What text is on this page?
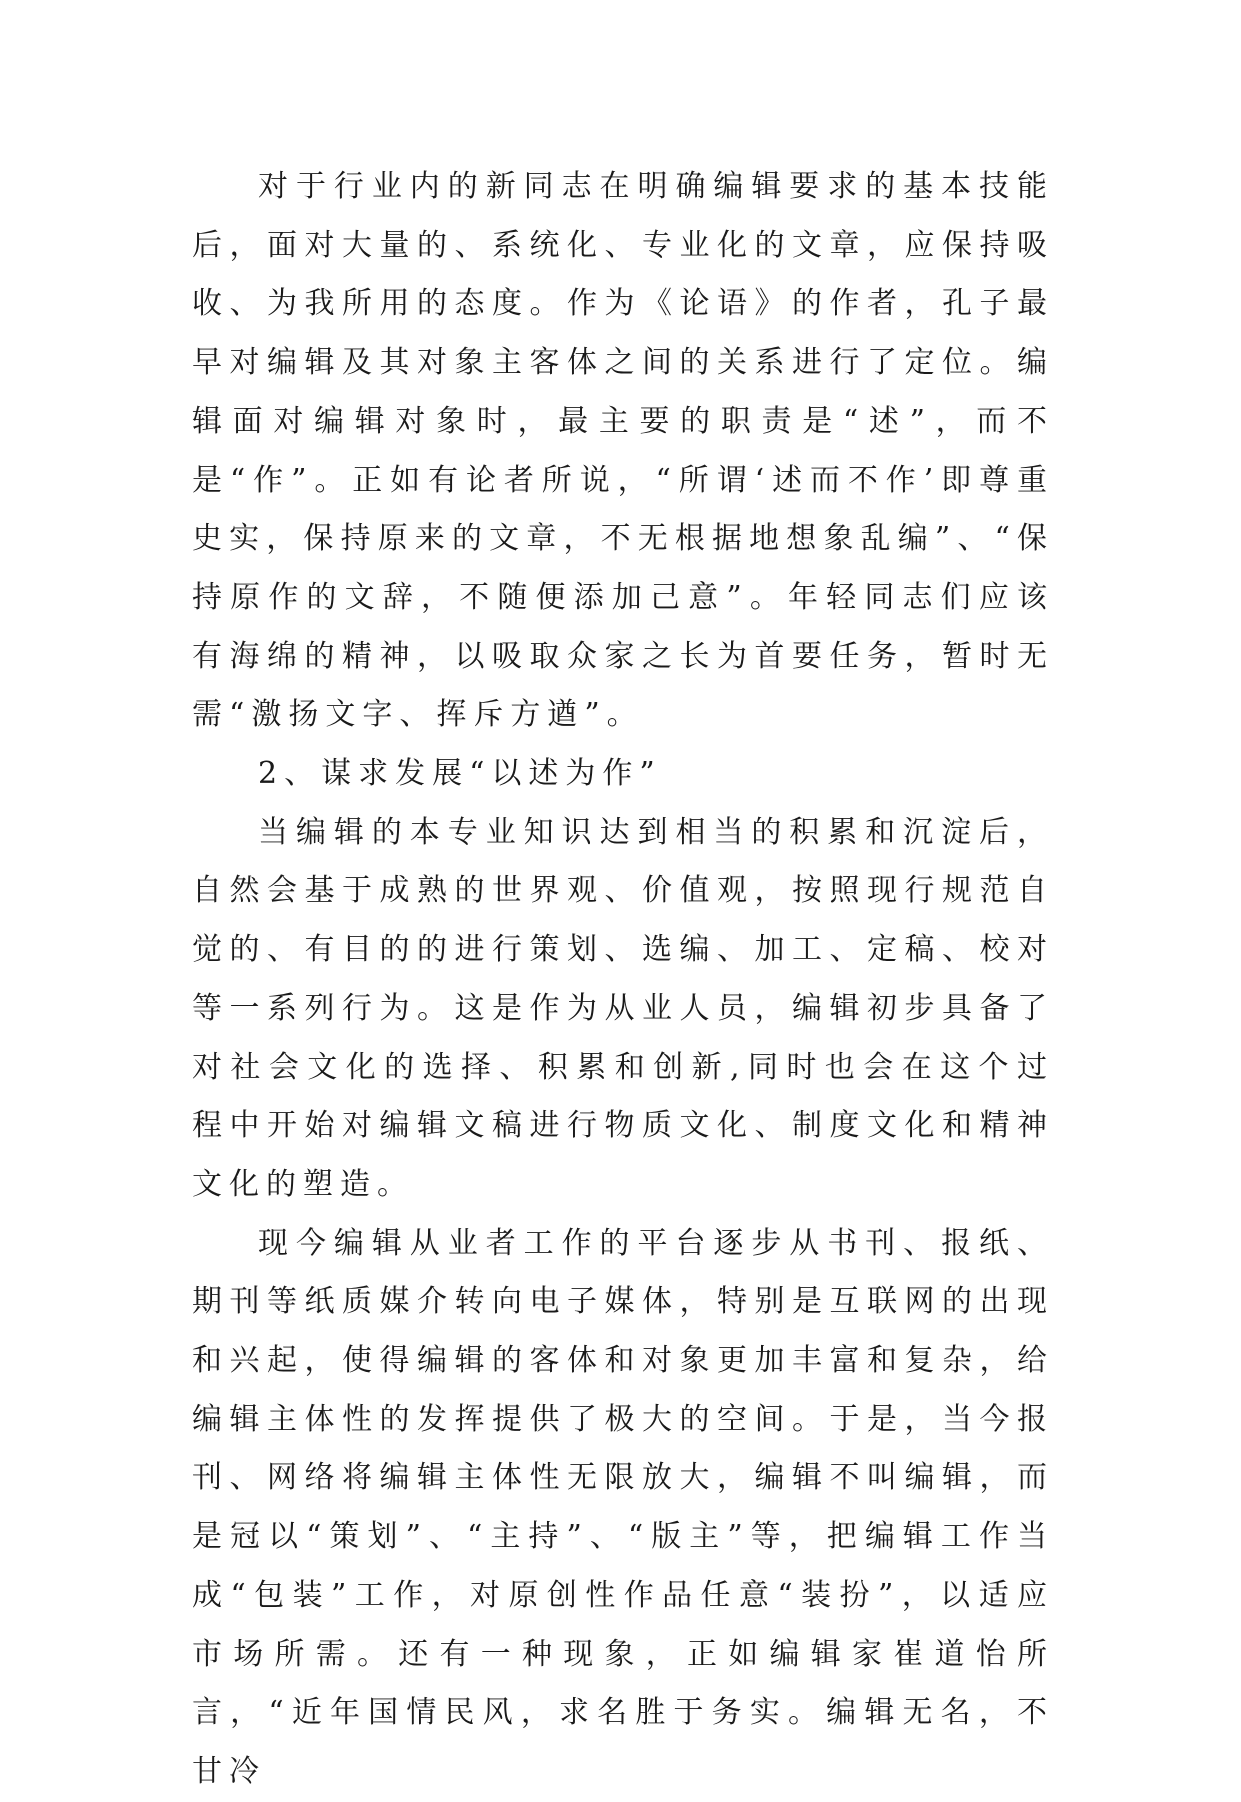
对于行业内的新同志在明确编辑要求的基本技能后，面对大量的、系统化、专业化的文章，应保持吸收、为我所用的态度。作为《论语》的作者，孔子最早对编辑及其对象主客体之间的关系进行了定位。编辑面对编辑对象时，最主要的职责是“述”，而不是“作”。正如有论者所说，“所谓‘述而不作’即尊重史实，保持原来的文章，不无根据地想象乱编”、“保持原作的文辞，不随便添加己意”。年轻同志们应该有海绵的精神，以吸取众家之长为首要任务，暂时无需“激扬文字、挥斥方遒”。

2、谋求发展“以述为作”

当编辑的本专业知识达到相当的积累和沉淀后，自然会基于成熟的世界观、价值观，按照现行规范自觉的、有目的的进行策划、选编、加工、定稿、校对等一系列行为。这是作为从业人员，编辑初步具备了对社会文化的选择、积累和创新,同时也会在这个过程中开始对编辑文稿进行物质文化、制度文化和精神文化的塑造。

现今编辑从业者工作的平台逐步从书刊、报纸、期刊等纸质媒介转向电子媒体，特别是互联网的出现和兴起，使得编辑的客体和对象更加丰富和复杂，给编辑主体性的发挥提供了极大的空间。于是，当今报刊、网络将编辑主体性无限放大，编辑不叫编辑，而是冠以“策划”、“主持”、“版主”等，把编辑工作当成“包装”工作，对原创性作品任意“装扮”，以适应市场所需。还有一种现象，正如编辑家崔道怡所言，“近年国情民风，求名胜于务实。编辑无名，不甘冷
